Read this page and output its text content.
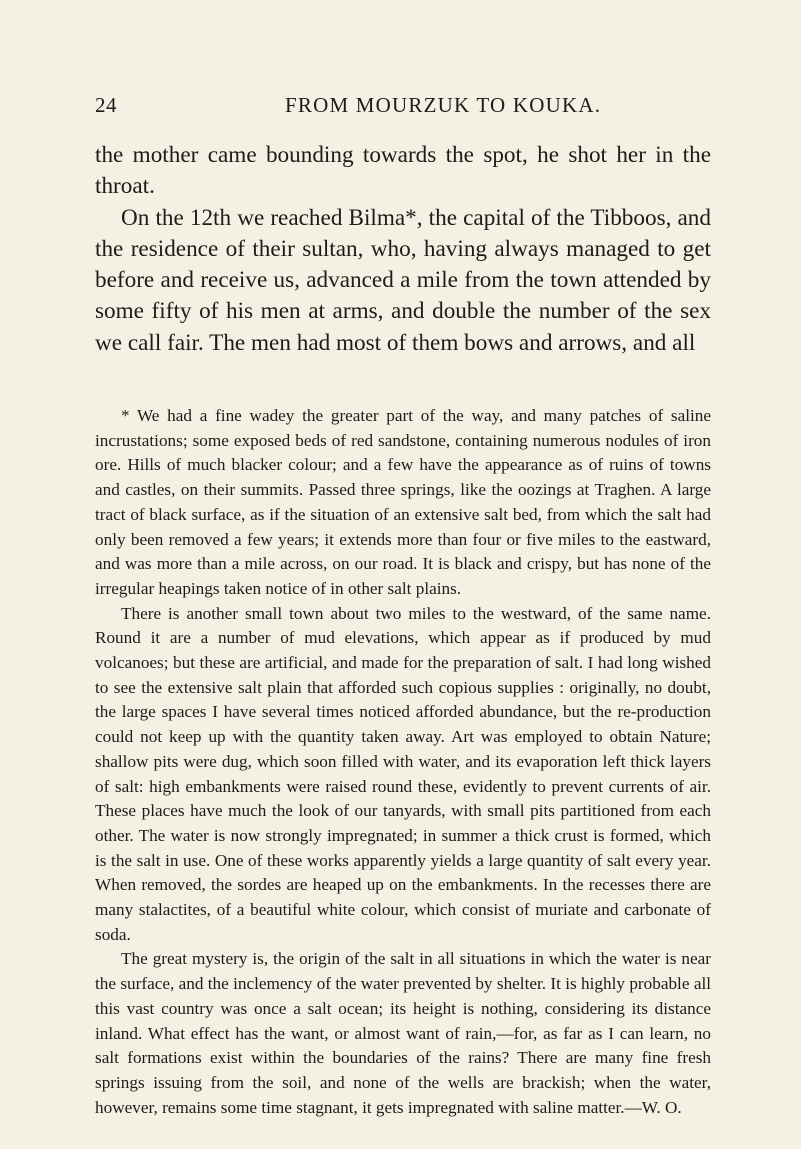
24	FROM MOURZUK TO KOUKA.

the mother came bounding towards the spot, he shot her in the throat.

On the 12th we reached Bilma*, the capital of the Tibboos, and the residence of their sultan, who, having always managed to get before and receive us, advanced a mile from the town attended by some fifty of his men at arms, and double the number of the sex we call fair. The men had most of them bows and arrows, and all

* We had a fine wadey the greater part of the way, and many patches of saline incrustations; some exposed beds of red sandstone, containing numerous nodules of iron ore. Hills of much blacker colour; and a few have the appearance as of ruins of towns and castles, on their summits. Passed three springs, like the oozings at Traghen. A large tract of black surface, as if the situation of an extensive salt bed, from which the salt had only been removed a few years; it extends more than four or five miles to the eastward, and was more than a mile across, on our road. It is black and crispy, but has none of the irregular heapings taken notice of in other salt plains.

There is another small town about two miles to the westward, of the same name. Round it are a number of mud elevations, which appear as if produced by mud volcanoes; but these are artificial, and made for the preparation of salt. I had long wished to see the extensive salt plain that afforded such copious supplies : originally, no doubt, the large spaces I have several times noticed afforded abundance, but the re-production could not keep up with the quantity taken away. Art was employed to obtain Nature; shallow pits were dug, which soon filled with water, and its evaporation left thick layers of salt: high embankments were raised round these, evidently to prevent currents of air. These places have much the look of our tanyards, with small pits partitioned from each other. The water is now strongly impregnated; in summer a thick crust is formed, which is the salt in use. One of these works apparently yields a large quantity of salt every year. When removed, the sordes are heaped up on the embankments. In the recesses there are many stalactites, of a beautiful white colour, which consist of muriate and carbonate of soda.

The great mystery is, the origin of the salt in all situations in which the water is near the surface, and the inclemency of the water prevented by shelter. It is highly probable all this vast country was once a salt ocean; its height is nothing, considering its distance inland. What effect has the want, or almost want of rain,—for, as far as I can learn, no salt formations exist within the boundaries of the rains? There are many fine fresh springs issuing from the soil, and none of the wells are brackish; when the water, however, remains some time stagnant, it gets impregnated with saline matter.—W. O.
